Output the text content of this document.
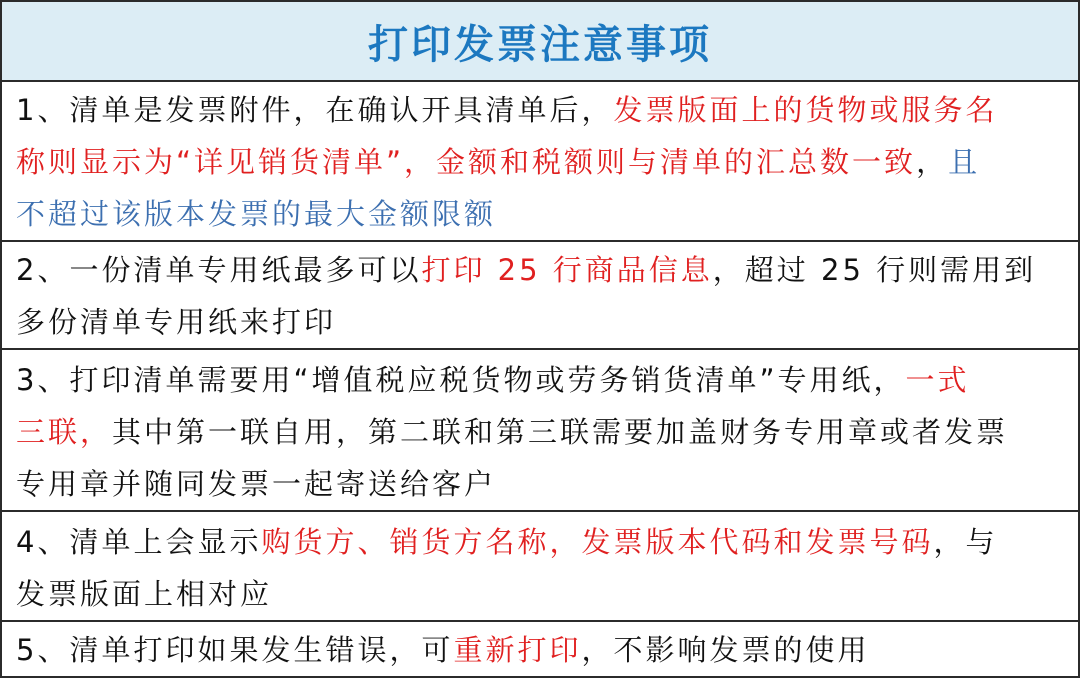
打印发票注意事项
1、清单是发票附件，在确认开具清单后，发票版面上的货物或服务名
称则显示为“详见销货清单”，金额和税额则与清单的汇总数一致，且
不超过该版本发票的最大金额限额
2、一份清单专用纸最多可以打印 25 行商品信息，超过 25 行则需用到
多份清单专用纸来打印
3、打印清单需要用“增值税应税货物或劳务销货清单”专用纸，一式
三联，其中第一联自用，第二联和第三联需要加盖财务专用章或者发票
专用章并随同发票一起寄送给客户
4、清单上会显示购货方、销货方名称，发票版本代码和发票号码，与
发票版面上相对应
5、清单打印如果发生错误，可重新打印，不影响发票的使用
